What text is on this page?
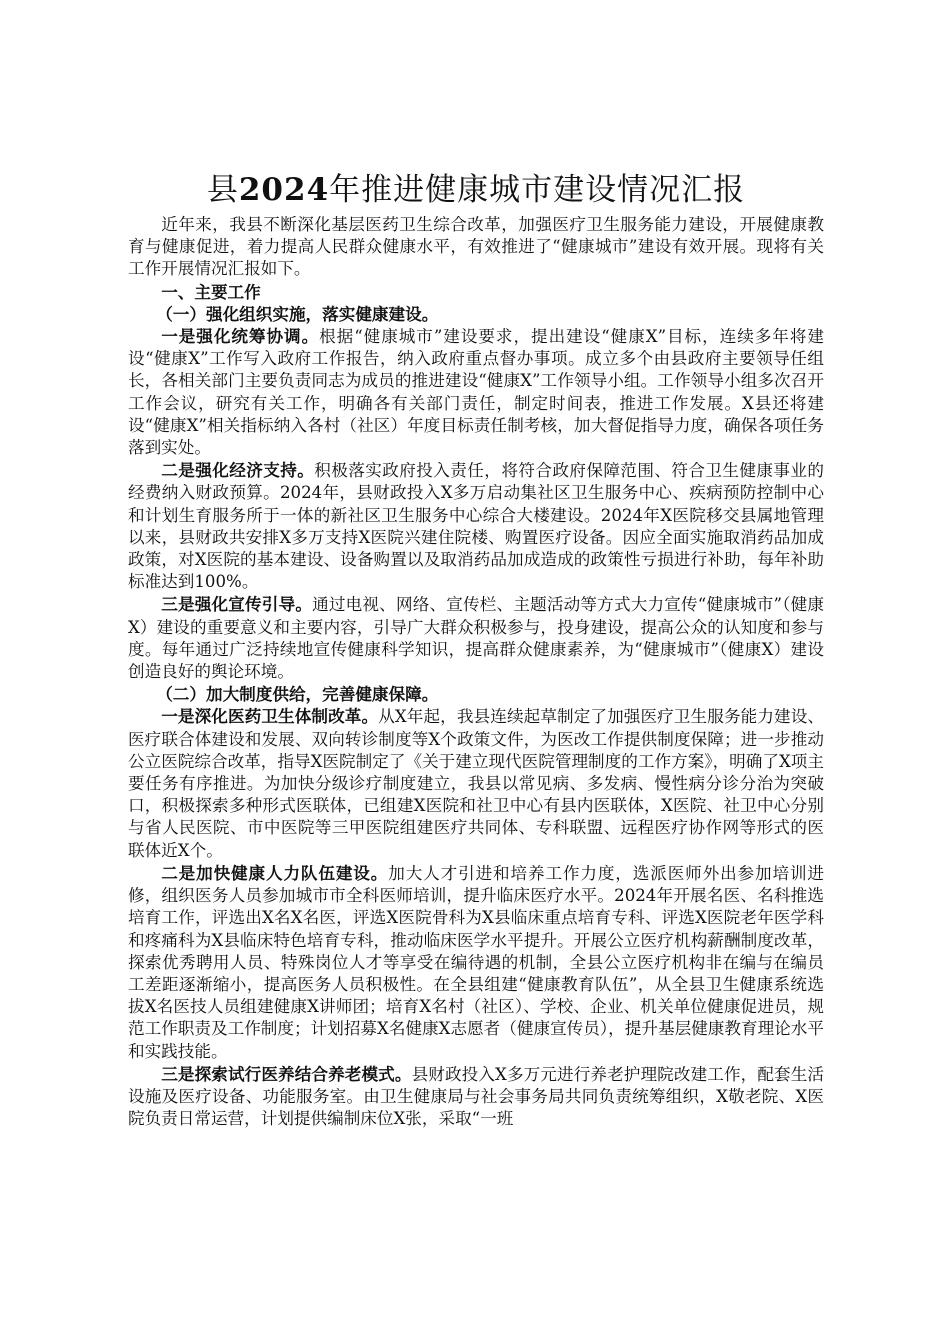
县2024年推进健康城市建设情况汇报

近年来，我县不断深化基层医药卫生综合改革，加强医疗卫生服务能力建设，开展健康教育与健康促进，着力提高人民群众健康水平，有效推进了“健康城市”建设有效开展。现将有关工作开展情况汇报如下。

一、主要工作

（一）强化组织实施，落实健康建设。

一是强化统筹协调。根据“健康城市”建设要求，提出建设“健康X”目标，连续多年将建设“健康X”工作写入政府工作报告，纳入政府重点督办事项。成立多个由县政府主要领导任组长，各相关部门主要负责同志为成员的推进建设“健康X”工作领导小组。工作领导小组多次召开工作会议，研究有关工作，明确各有关部门责任，制定时间表，推进工作发展。X县还将建设“健康X”相关指标纳入各村（社区）年度目标责任制考核，加大督促指导力度，确保各项任务落到实处。

二是强化经济支持。积极落实政府投入责任，将符合政府保障范围、符合卫生健康事业的经费纳入财政预算。2024年，县财政投入X多万启动集社区卫生服务中心、疾病预防控制中心和计划生育服务所于一体的新社区卫生服务中心综合大楼建设。2024年X医院移交县属地管理以来，县财政共安排X多万支持X医院兴建住院楼、购置医疗设备。因应全面实施取消药品加成政策，对X医院的基本建设、设备购置以及取消药品加成造成的政策性亏损进行补助，每年补助标准达到100%。

三是强化宣传引导。通过电视、网络、宣传栏、主题活动等方式大力宣传“健康城市”（健康X）建设的重要意义和主要内容，引导广大群众积极参与，投身建设，提高公众的认知度和参与度。每年通过广泛持续地宣传健康科学知识，提高群众健康素养，为“健康城市”（健康X）建设创造良好的舆论环境。

（二）加大制度供给，完善健康保障。

一是深化医药卫生体制改革。从X年起，我县连续起草制定了加强医疗卫生服务能力建设、医疗联合体建设和发展、双向转诊制度等X个政策文件，为医改工作提供制度保障；进一步推动公立医院综合改革，指导X医院制定了《关于建立现代医院管理制度的工作方案》，明确了X项主要任务有序推进。为加快分级诊疗制度建立，我县以常见病、多发病、慢性病分诊分治为突破口，积极探索多种形式医联体，已组建X医院和社卫中心有县内医联体，X医院、社卫中心分别与省人民医院、市中医院等三甲医院组建医疗共同体、专科联盟、远程医疗协作网等形式的医联体近X个。

二是加快健康人力队伍建设。加大人才引进和培养工作力度，选派医师外出参加培训进修，组织医务人员参加城市市全科医师培训，提升临床医疗水平。2024年开展名医、名科推选培育工作，评选出X名X名医，评选X医院骨科为X县临床重点培育专科、评选X医院老年医学科和疼痛科为X县临床特色培育专科，推动临床医学水平提升。开展公立医疗机构薪酬制度改革，探索优秀聘用人员、特殊岗位人才等享受在编待遇的机制，全县公立医疗机构非在编与在编员工差距逐渐缩小，提高医务人员积极性。在全县组建“健康教育队伍”，从全县卫生健康系统选拔X名医技人员组建健康X讲师团；培育X名村（社区）、学校、企业、机关单位健康促进员，规范工作职责及工作制度；计划招募X名健康X志愿者（健康宣传员），提升基层健康教育理论水平和实践技能。

三是探索试行医养结合养老模式。县财政投入X多万元进行养老护理院改建工作，配套生活设施及医疗设备、功能服务室。由卫生健康局与社会事务局共同负责统筹组织，X敬老院、X医院负责日常运营，计划提供编制床位X张，采取“一班
